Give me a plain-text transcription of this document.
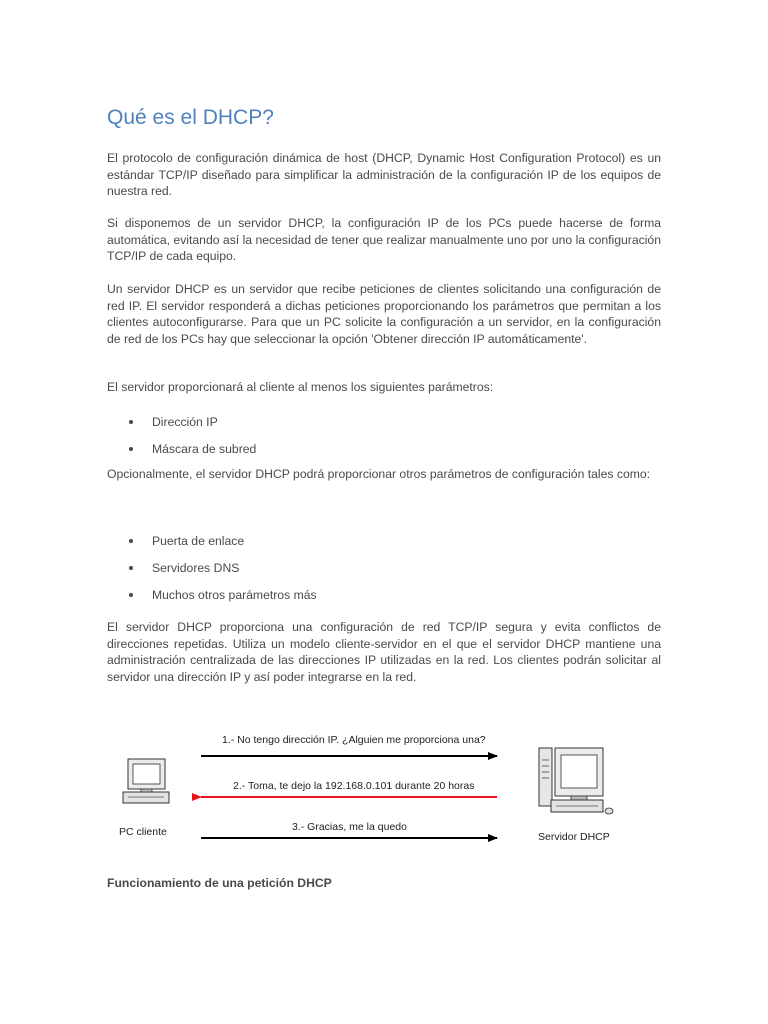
Qué es el DHCP?

El protocolo de configuración dinámica de host (DHCP, Dynamic Host Configuration Protocol) es un estándar TCP/IP diseñado para simplificar la administración de la configuración IP de los equipos de nuestra red.

Si disponemos de un servidor DHCP, la configuración IP de los PCs puede hacerse de forma automática, evitando así la necesidad de tener que realizar manualmente uno por uno la configuración TCP/IP de cada equipo.

Un servidor DHCP es un servidor que recibe peticiones de clientes solicitando una configuración de red IP. El servidor responderá a dichas peticiones proporcionando los parámetros que permitan a los clientes autoconfigurarse. Para que un PC solicite la configuración a un servidor, en la configuración de red de los PCs hay que seleccionar la opción 'Obtener dirección IP automáticamente'.

El servidor proporcionará al cliente al menos los siguientes parámetros:

Dirección IP
Máscara de subred

Opcionalmente, el servidor DHCP podrá proporcionar otros parámetros de configuración tales como:

Puerta de enlace
Servidores DNS
Muchos otros parámetros más

El servidor DHCP proporciona una configuración de red TCP/IP segura y evita conflictos de direcciones repetidas. Utiliza un modelo cliente-servidor en el que el servidor DHCP mantiene una administración centralizada de las direcciones IP utilizadas en la red. Los clientes podrán solicitar al servidor una dirección IP y así poder integrarse en la red.

PC cliente	Servidor DHCP
1.- No tengo dirección IP. ¿Alguien me proporciona una?
2.- Toma, te dejo la 192.168.0.101 durante 20 horas
3.- Gracias, me la quedo

Funcionamiento de una petición DHCP
